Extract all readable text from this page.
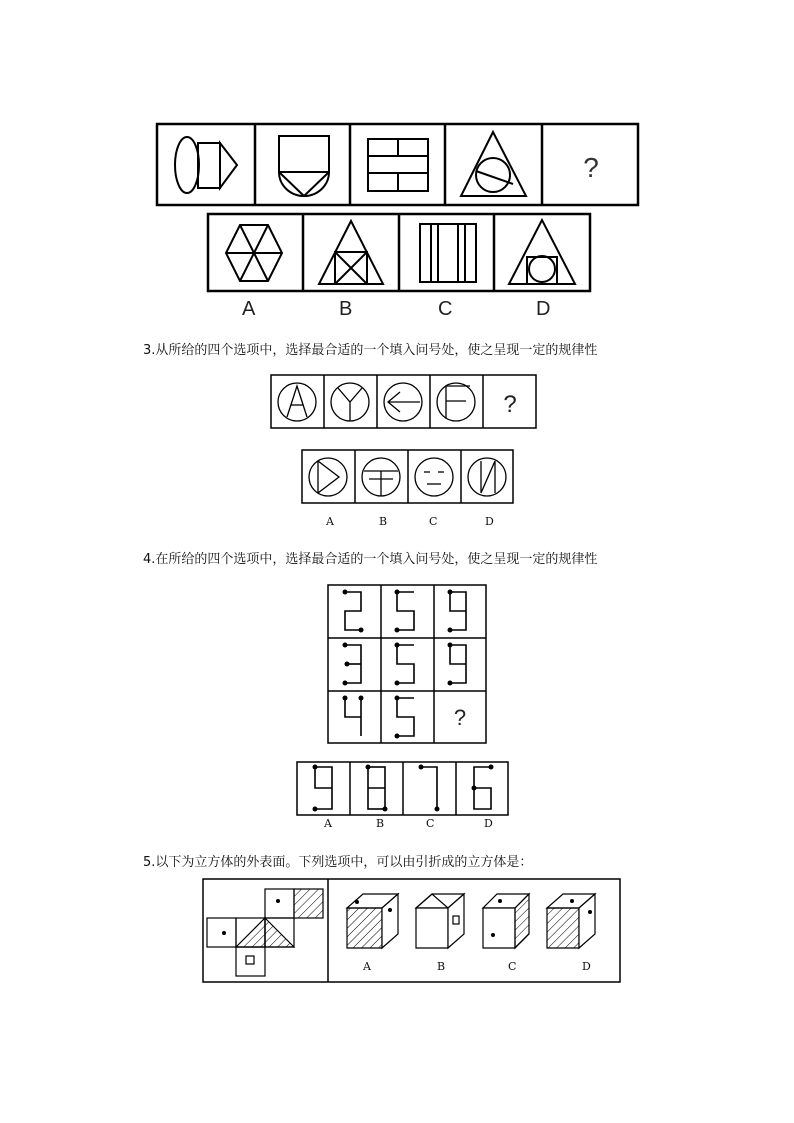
?
A	B	C	D
3.从所给的四个选项中，选择最合适的一个填入问号处，使之呈现一定的规律性
?
A	B	C	D
4.在所给的四个选项中，选择最合适的一个填入问号处，使之呈现一定的规律性
?
A	B	C	D
5.以下为立方体的外表面。下列选项中，可以由引折成的立方体是：
A	B	C	D
